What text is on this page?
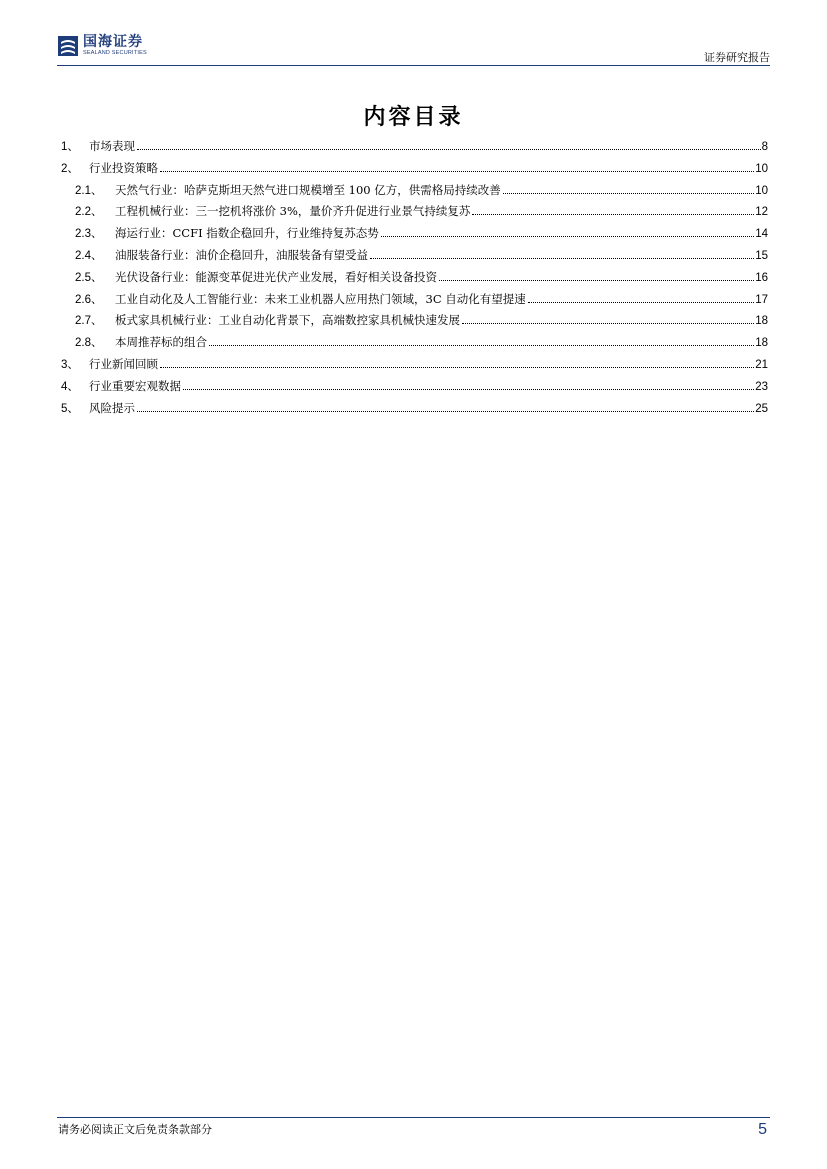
国海证券
SEALAND SECURITIES	证券研究报告
内容目录
1、 市场表现	8
2、 行业投资策略	10
2.1、	天然气行业：哈萨克斯坦天然气进口规模增至 100 亿方，供需格局持续改善	10
2.2、	工程机械行业：三一挖机将涨价 3%，量价齐升促进行业景气持续复苏	12
2.3、	海运行业：CCFI 指数企稳回升，行业维持复苏态势	14
2.4、	油服装备行业：油价企稳回升，油服装备有望受益	15
2.5、	光伏设备行业：能源变革促进光伏产业发展，看好相关设备投资	16
2.6、	工业自动化及人工智能行业：未来工业机器人应用热门领域，3C 自动化有望提速	17
2.7、	板式家具机械行业：工业自动化背景下，高端数控家具机械快速发展	18
2.8、	本周推荐标的组合	18
3、 行业新闻回顾	21
4、 行业重要宏观数据	23
5、 风险提示	25
请务必阅读正文后免责条款部分	5
